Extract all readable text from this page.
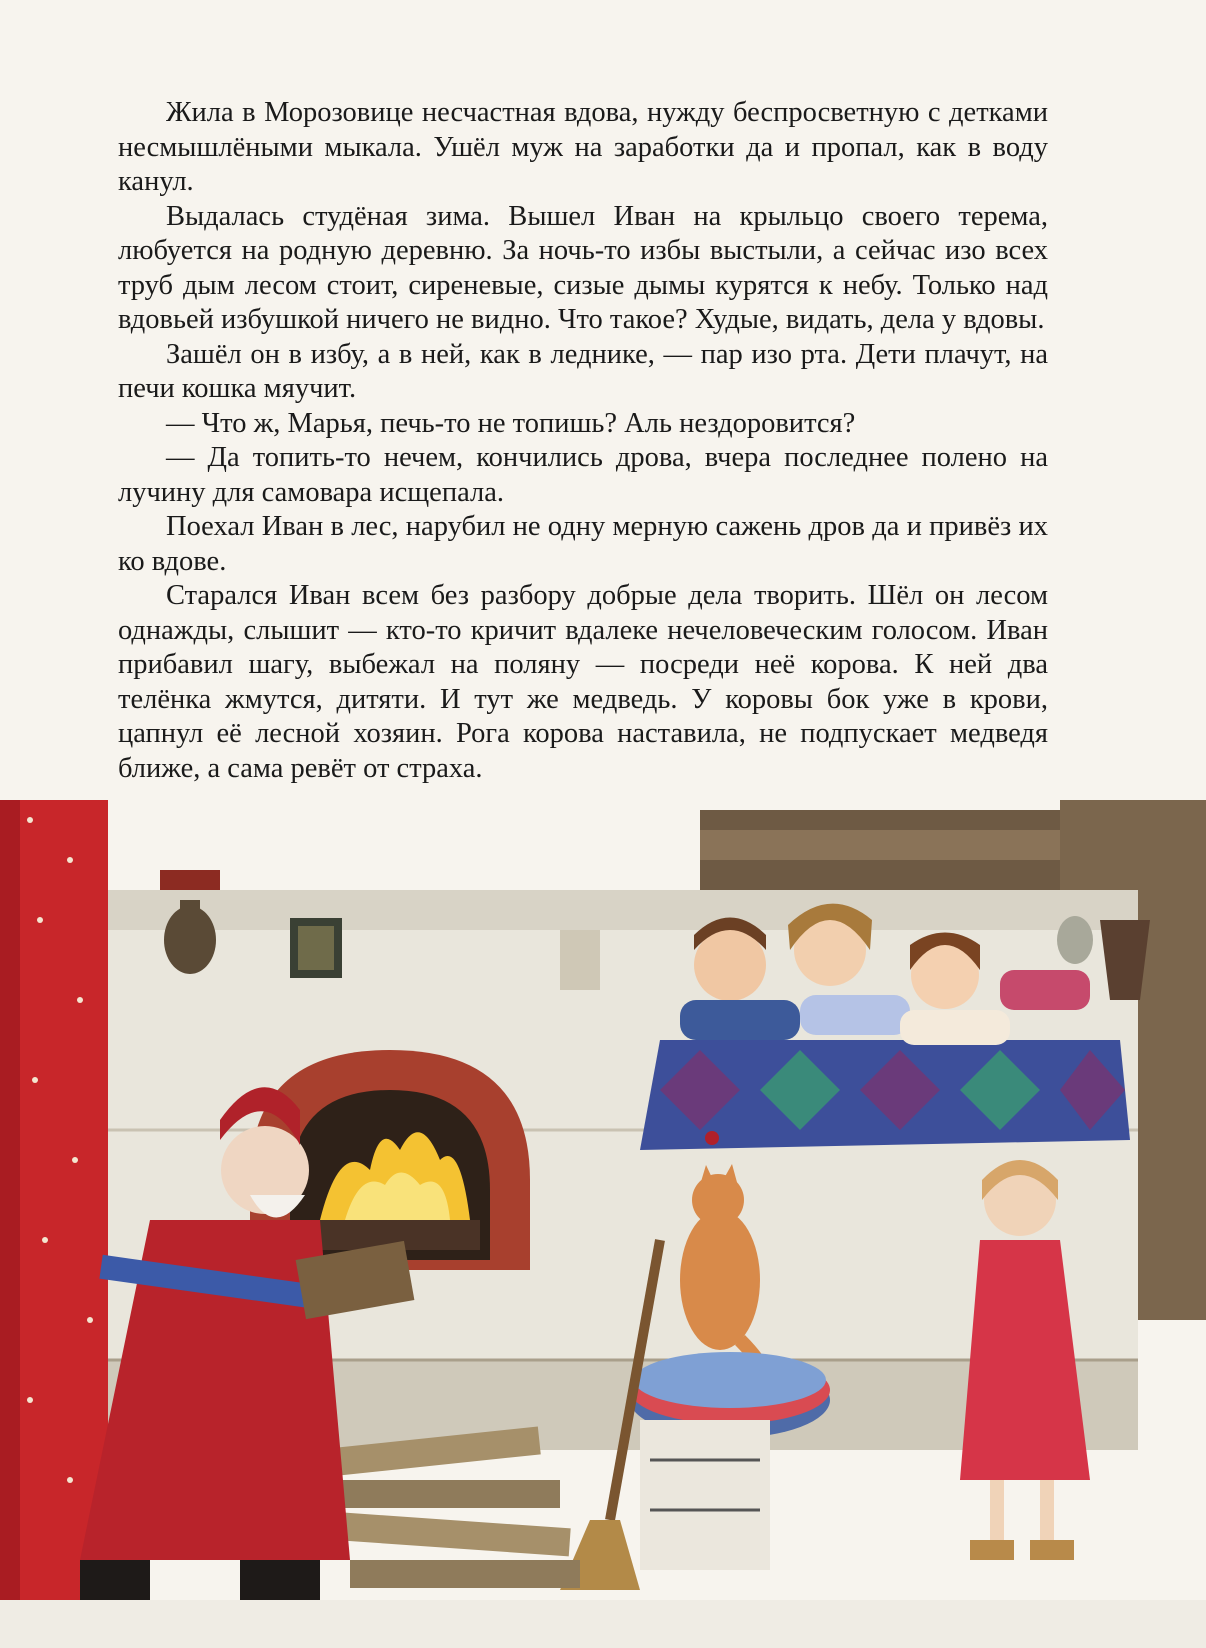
Жила в Морозовице несчастная вдова, нужду беспросветную с детками несмышлёными мыкала. Ушёл муж на заработки да и пропал, как в воду канул.

Выдалась студёная зима. Вышел Иван на крыльцо своего терема, любуется на родную деревню. За ночь-то избы выстыли, а сейчас изо всех труб дым лесом стоит, сиреневые, сизые дымы курятся к небу. Только над вдовьей избушкой ничего не видно. Что такое? Худые, видать, дела у вдовы.

Зашёл он в избу, а в ней, как в леднике, — пар изо рта. Дети плачут, на печи кошка мяучит.

— Что ж, Марья, печь-то не топишь? Аль нездоровится?

— Да топить-то нечем, кончились дрова, вчера последнее полено на лучину для самовара исщепала.

Поехал Иван в лес, нарубил не одну мерную сажень дров да и привёз их ко вдове.

Старался Иван всем без разбору добрые дела творить. Шёл он лесом однажды, слышит — кто-то кричит вдалеке нечеловеческим голосом. Иван прибавил шагу, выбежал на поляну — посреди неё корова. К ней два телёнка жмутся, дитяти. И тут же медведь. У коровы бок уже в крови, цапнул её лесной хозяин. Рога корова наставила, не подпускает медведя ближе, а сама ревёт от страха.
